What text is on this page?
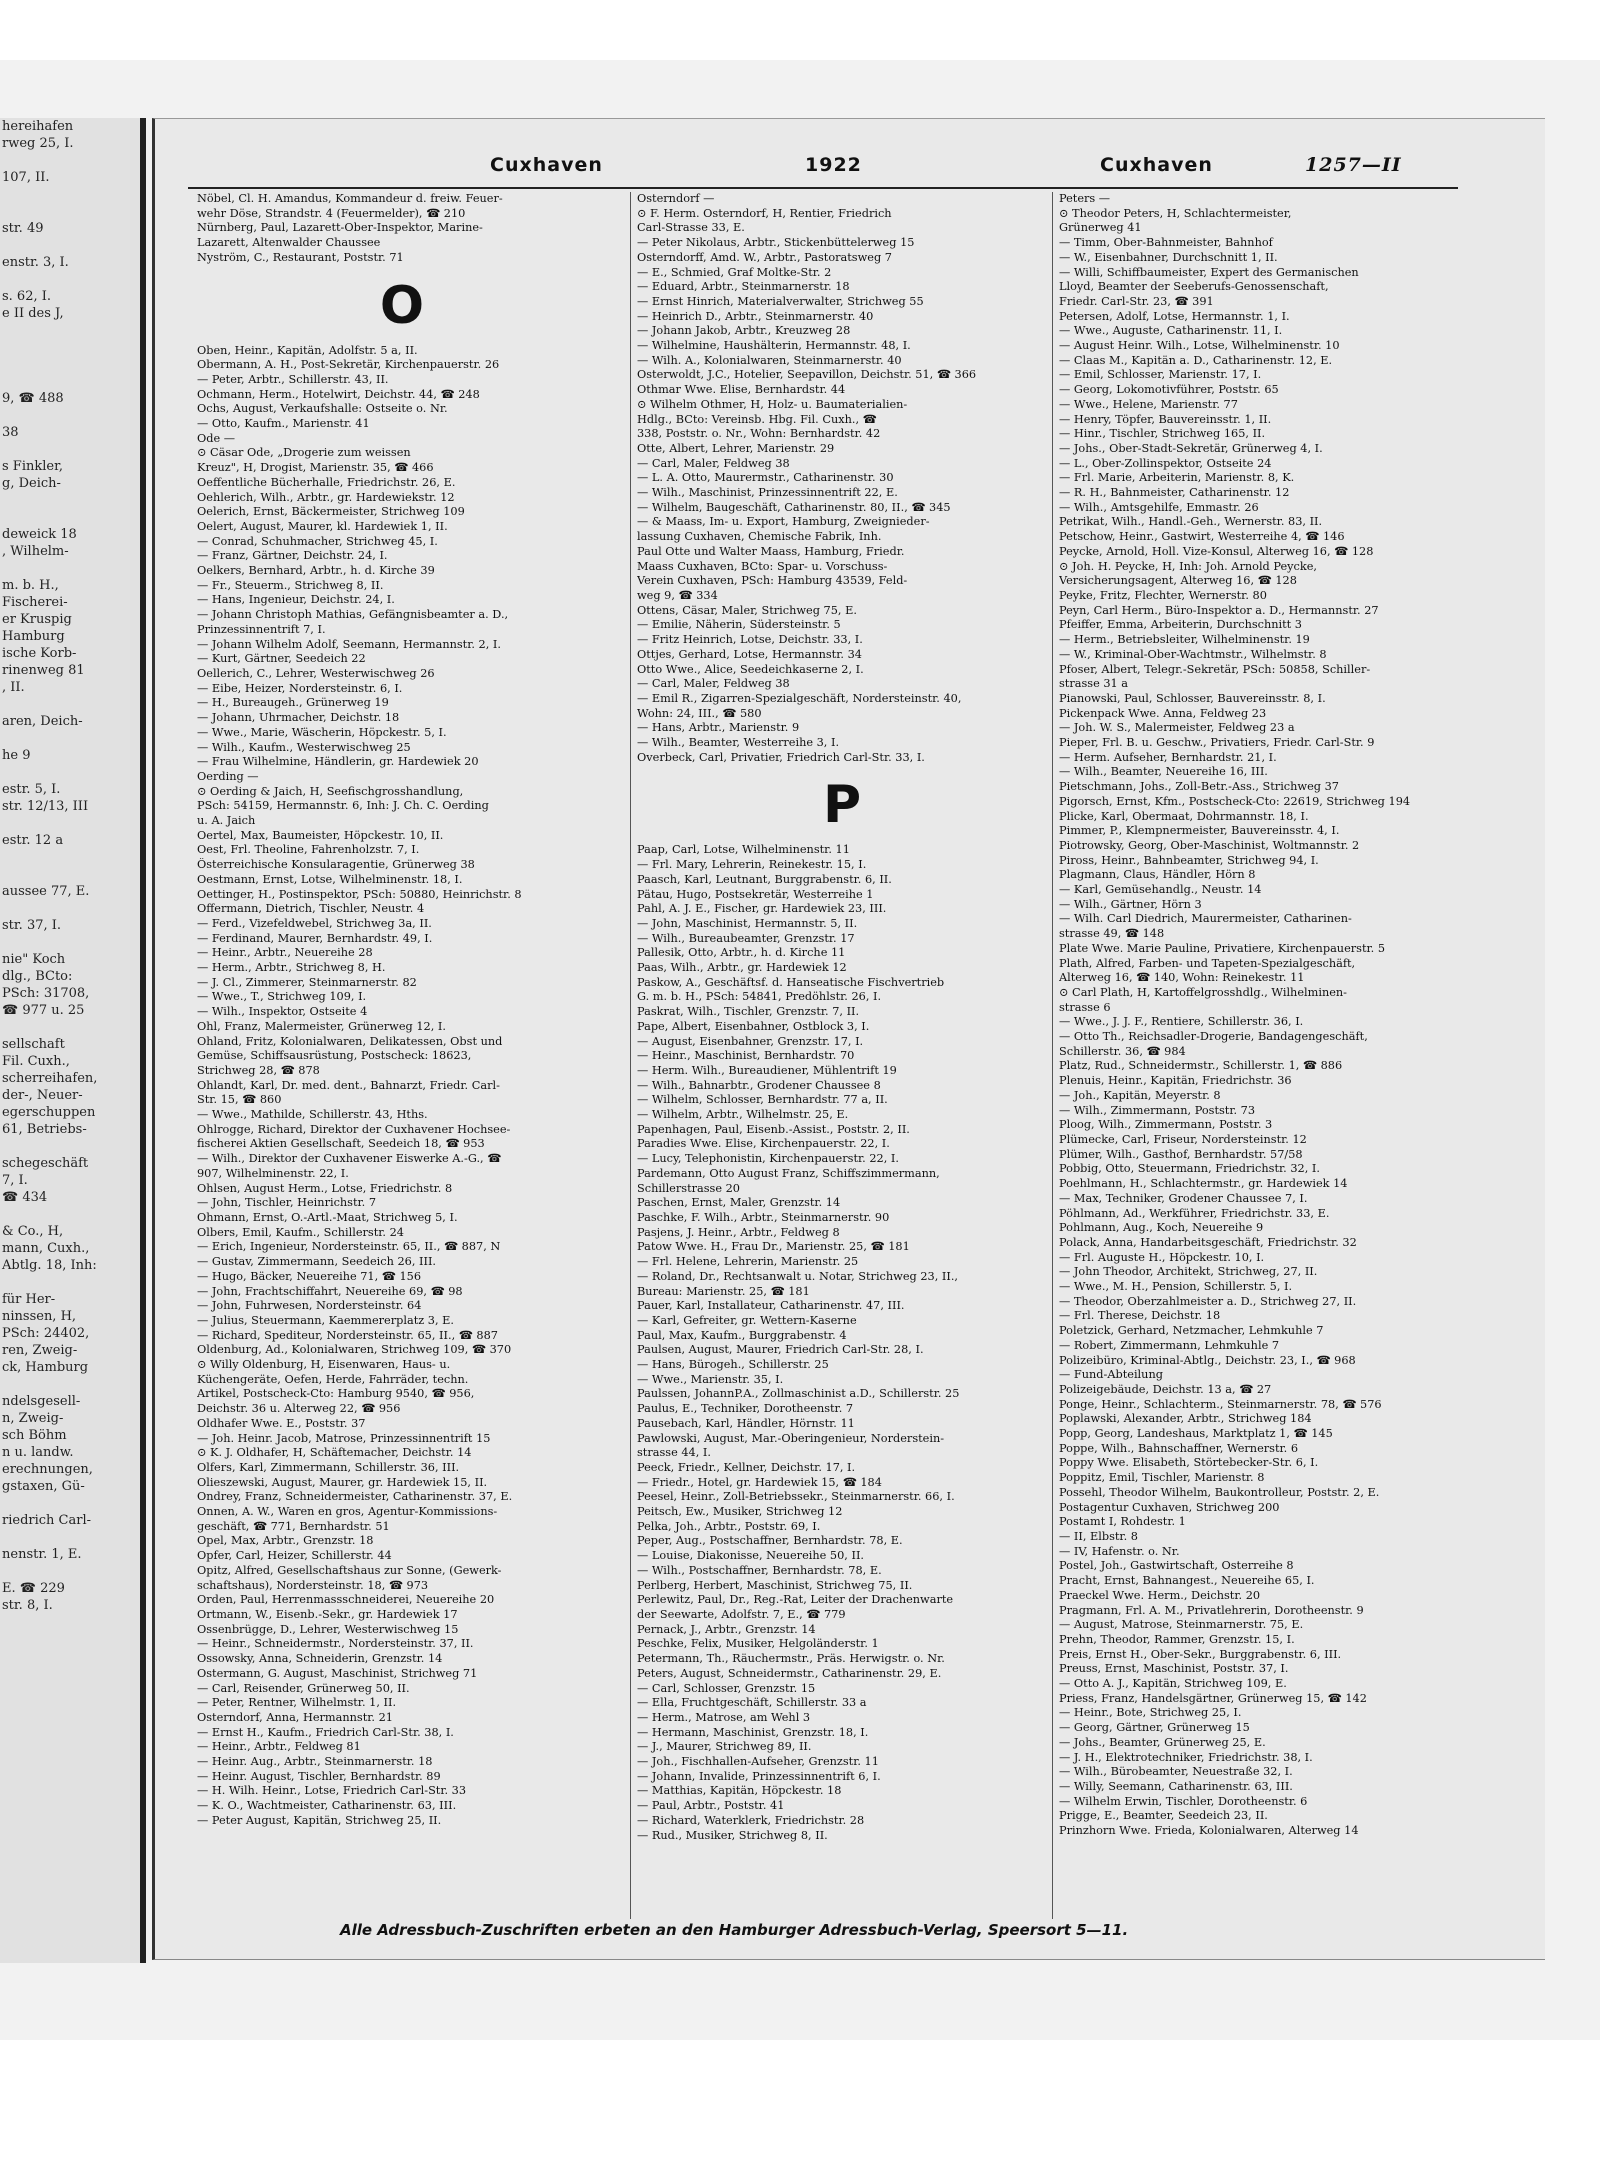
hereihafen
rweg 25, I.
107, II.
str. 49
enstr. 3, I.
s. 62, I.
e II des J,
9, ☎ 488
38
s Finkler,
g, Deich-
deweick 18
, Wilhelm-
m. b. H.,
Fischerei-
er Kruspig
Hamburg
ische Korb-
rinenweg 81
, II.
aren, Deich-
he 9
estr. 5, I.
str. 12/13, III
estr. 12 a
aussee 77, E.
str. 37, I.
nie" Koch
dlg., BCto:
PSch: 31708,
☎ 977 u. 25
sellschaft
Fil. Cuxh.,
scherreihafen,
der-, Neuer-
egerschuppen
61, Betriebs-
schegeschäft
7, I.
☎ 434
& Co., H,
mann, Cuxh.,
Abtlg. 18, Inh:
für Her-
ninssen, H,
PSch: 24402,
ren, Zweig-
ck, Hamburg
ndelsgesell-
n, Zweig-
sch Böhm
n u. landw.
erechnungen,
gstaxen, Gü-
riedrich Carl-
nenstr. 1, E.
E. ☎ 229
str. 8, I.
Cuxhaven	1922	Cuxhaven	1257—II
Nöbel, Cl. H. Amandus, Kommandeur d. freiw. Feuer-
wehr Döse, Strandstr. 4 (Feuermelder), ☎ 210
Nürnberg, Paul, Lazarett-Ober-Inspektor, Marine-
Lazarett, Altenwalder Chaussee
Nyström, C., Restaurant, Poststr. 71
O
Oben, Heinr., Kapitän, Adolfstr. 5 a, II.
Obermann, A. H., Post-Sekretär, Kirchenpauerstr. 26
— Peter, Arbtr., Schillerstr. 43, II.
Ochmann, Herm., Hotelwirt, Deichstr. 44, ☎ 248
Ochs, August, Verkaufshalle: Ostseite o. Nr.
— Otto, Kaufm., Marienstr. 41
Ode —
⊙ Cäsar Ode, „Drogerie zum weissen
Kreuz", H, Drogist, Marienstr. 35, ☎ 466
Oeffentliche Bücherhalle, Friedrichstr. 26, E.
Oehlerich, Wilh., Arbtr., gr. Hardewiekstr. 12
Oelerich, Ernst, Bäckermeister, Strichweg 109
Oelert, August, Maurer, kl. Hardewiek 1, II.
— Conrad, Schuhmacher, Strichweg 45, I.
— Franz, Gärtner, Deichstr. 24, I.
Oelkers, Bernhard, Arbtr., h. d. Kirche 39
— Fr., Steuerm., Strichweg 8, II.
— Hans, Ingenieur, Deichstr. 24, I.
— Johann Christoph Mathias, Gefängnisbeamter a. D.,
Prinzessinnentrift 7, I.
— Johann Wilhelm Adolf, Seemann, Hermannstr. 2, I.
— Kurt, Gärtner, Seedeich 22
Oellerich, C., Lehrer, Westerwischweg 26
— Eibe, Heizer, Nordersteinstr. 6, I.
— H., Bureaugeh., Grünerweg 19
— Johann, Uhrmacher, Deichstr. 18
— Wwe., Marie, Wäscherin, Höpckestr. 5, I.
— Wilh., Kaufm., Westerwischweg 25
— Frau Wilhelmine, Händlerin, gr. Hardewiek 20
Oerding —
⊙ Oerding & Jaich, H, Seefischgrosshandlung,
PSch: 54159, Hermannstr. 6, Inh: J. Ch. C. Oerding
u. A. Jaich
Oertel, Max, Baumeister, Höpckestr. 10, II.
Oest, Frl. Theoline, Fahrenholzstr. 7, I.
Österreichische Konsularagentie, Grünerweg 38
Oestmann, Ernst, Lotse, Wilhelminenstr. 18, I.
Oettinger, H., Postinspektor, PSch: 50880, Heinrichstr. 8
Offermann, Dietrich, Tischler, Neustr. 4
— Ferd., Vizefeldwebel, Strichweg 3a, II.
— Ferdinand, Maurer, Bernhardstr. 49, I.
— Heinr., Arbtr., Neuereihe 28
— Herm., Arbtr., Strichweg 8, H.
— J. Cl., Zimmerer, Steinmarnerstr. 82
— Wwe., T., Strichweg 109, I.
— Wilh., Inspektor, Ostseite 4
Ohl, Franz, Malermeister, Grünerweg 12, I.
Ohland, Fritz, Kolonialwaren, Delikatessen, Obst und
Gemüse, Schiffsausrüstung, Postscheck: 18623,
Strichweg 28, ☎ 878
Ohlandt, Karl, Dr. med. dent., Bahnarzt, Friedr. Carl-
Str. 15, ☎ 860
— Wwe., Mathilde, Schillerstr. 43, Hths.
Ohlrogge, Richard, Direktor der Cuxhavener Hochsee-
fischerei Aktien Gesellschaft, Seedeich 18, ☎ 953
— Wilh., Direktor der Cuxhavener Eiswerke A.-G., ☎
907, Wilhelminenstr. 22, I.
Ohlsen, August Herm., Lotse, Friedrichstr. 8
— John, Tischler, Heinrichstr. 7
Ohmann, Ernst, O.-Artl.-Maat, Strichweg 5, I.
Olbers, Emil, Kaufm., Schillerstr. 24
— Erich, Ingenieur, Nordersteinstr. 65, II., ☎ 887, N
— Gustav, Zimmermann, Seedeich 26, III.
— Hugo, Bäcker, Neuereihe 71, ☎ 156
— John, Frachtschiffahrt, Neuereihe 69, ☎ 98
— John, Fuhrwesen, Nordersteinstr. 64
— Julius, Steuermann, Kaemmererplatz 3, E.
— Richard, Spediteur, Nordersteinstr. 65, II., ☎ 887
Oldenburg, Ad., Kolonialwaren, Strichweg 109, ☎ 370
⊙ Willy Oldenburg, H, Eisenwaren, Haus- u.
Küchengeräte, Oefen, Herde, Fahrräder, techn.
Artikel, Postscheck-Cto: Hamburg 9540, ☎ 956,
Deichstr. 36 u. Alterweg 22, ☎ 956
Oldhafer Wwe. E., Poststr. 37
— Joh. Heinr. Jacob, Matrose, Prinzessinnentrift 15
⊙ K. J. Oldhafer, H, Schäftemacher, Deichstr. 14
Olfers, Karl, Zimmermann, Schillerstr. 36, III.
Olieszewski, August, Maurer, gr. Hardewiek 15, II.
Ondrey, Franz, Schneidermeister, Catharinenstr. 37, E.
Onnen, A. W., Waren en gros, Agentur-Kommissions-
geschäft, ☎ 771, Bernhardstr. 51
Opel, Max, Arbtr., Grenzstr. 18
Opfer, Carl, Heizer, Schillerstr. 44
Opitz, Alfred, Gesellschaftshaus zur Sonne, (Gewerk-
schaftshaus), Nordersteinstr. 18, ☎ 973
Orden, Paul, Herrenmassschneiderei, Neuereihe 20
Ortmann, W., Eisenb.-Sekr., gr. Hardewiek 17
Ossenbrügge, D., Lehrer, Westerwischweg 15
— Heinr., Schneidermstr., Nordersteinstr. 37, II.
Ossowsky, Anna, Schneiderin, Grenzstr. 14
Ostermann, G. August, Maschinist, Strichweg 71
— Carl, Reisender, Grünerweg 50, II.
— Peter, Rentner, Wilhelmstr. 1, II.
Osterndorf, Anna, Hermannstr. 21
— Ernst H., Kaufm., Friedrich Carl-Str. 38, I.
— Heinr., Arbtr., Feldweg 81
— Heinr. Aug., Arbtr., Steinmarnerstr. 18
— Heinr. August, Tischler, Bernhardstr. 89
— H. Wilh. Heinr., Lotse, Friedrich Carl-Str. 33
— K. O., Wachtmeister, Catharinenstr. 63, III.
— Peter August, Kapitän, Strichweg 25, II.
Osterndorf —
⊙ F. Herm. Osterndorf, H, Rentier, Friedrich
Carl-Strasse 33, E.
— Peter Nikolaus, Arbtr., Stickenbüttelerweg 15
Osterndorff, Amd. W., Arbtr., Pastoratsweg 7
— E., Schmied, Graf Moltke-Str. 2
— Eduard, Arbtr., Steinmarnerstr. 18
— Ernst Hinrich, Materialverwalter, Strichweg 55
— Heinrich D., Arbtr., Steinmarnerstr. 40
— Johann Jakob, Arbtr., Kreuzweg 28
— Wilhelmine, Haushälterin, Hermannstr. 48, I.
— Wilh. A., Kolonialwaren, Steinmarnerstr. 40
Osterwoldt, J.C., Hotelier, Seepavillon, Deichstr. 51, ☎ 366
Othmar Wwe. Elise, Bernhardstr. 44
⊙ Wilhelm Othmer, H, Holz- u. Baumaterialien-
Hdlg., BCto: Vereinsb. Hbg. Fil. Cuxh., ☎
338, Poststr. o. Nr., Wohn: Bernhardstr. 42
Otte, Albert, Lehrer, Marienstr. 29
— Carl, Maler, Feldweg 38
— L. A. Otto, Maurermstr., Catharinenstr. 30
— Wilh., Maschinist, Prinzessinnentrift 22, E.
— Wilhelm, Baugeschäft, Catharinenstr. 80, II., ☎ 345
— & Maass, Im- u. Export, Hamburg, Zweignieder-
lassung Cuxhaven, Chemische Fabrik, Inh.
Paul Otte und Walter Maass, Hamburg, Friedr.
Maass Cuxhaven, BCto: Spar- u. Vorschuss-
Verein Cuxhaven, PSch: Hamburg 43539, Feld-
weg 9, ☎ 334
Ottens, Cäsar, Maler, Strichweg 75, E.
— Emilie, Näherin, Südersteinstr. 5
— Fritz Heinrich, Lotse, Deichstr. 33, I.
Ottjes, Gerhard, Lotse, Hermannstr. 34
Otto Wwe., Alice, Seedeichkaserne 2, I.
— Carl, Maler, Feldweg 38
— Emil R., Zigarren-Spezialgeschäft, Nordersteinstr. 40,
Wohn: 24, III., ☎ 580
— Hans, Arbtr., Marienstr. 9
— Wilh., Beamter, Westerreihe 3, I.
Overbeck, Carl, Privatier, Friedrich Carl-Str. 33, I.
P
Paap, Carl, Lotse, Wilhelminenstr. 11
— Frl. Mary, Lehrerin, Reinekestr. 15, I.
Paasch, Karl, Leutnant, Burggrabenstr. 6, II.
Pätau, Hugo, Postsekretär, Westerreihe 1
Pahl, A. J. E., Fischer, gr. Hardewiek 23, III.
— John, Maschinist, Hermannstr. 5, II.
— Wilh., Bureaubeamter, Grenzstr. 17
Pallesik, Otto, Arbtr., h. d. Kirche 11
Paas, Wilh., Arbtr., gr. Hardewiek 12
Paskow, A., Geschäftsf. d. Hanseatische Fischvertrieb
G. m. b. H., PSch: 54841, Predöhlstr. 26, I.
Paskrat, Wilh., Tischler, Grenzstr. 7, II.
Pape, Albert, Eisenbahner, Ostblock 3, I.
— August, Eisenbahner, Grenzstr. 17, I.
— Heinr., Maschinist, Bernhardstr. 70
— Herm. Wilh., Bureaudiener, Mühlentrift 19
— Wilh., Bahnarbtr., Grodener Chaussee 8
— Wilhelm, Schlosser, Bernhardstr. 77 a, II.
— Wilhelm, Arbtr., Wilhelmstr. 25, E.
Papenhagen, Paul, Eisenb.-Assist., Poststr. 2, II.
Paradies Wwe. Elise, Kirchenpauerstr. 22, I.
— Lucy, Telephonistin, Kirchenpauerstr. 22, I.
Pardemann, Otto August Franz, Schiffszimmermann,
Schillerstrasse 20
Paschen, Ernst, Maler, Grenzstr. 14
Paschke, F. Wilh., Arbtr., Steinmarnerstr. 90
Pasjens, J. Heinr., Arbtr., Feldweg 8
Patow Wwe. H., Frau Dr., Marienstr. 25, ☎ 181
— Frl. Helene, Lehrerin, Marienstr. 25
— Roland, Dr., Rechtsanwalt u. Notar, Strichweg 23, II.,
Bureau: Marienstr. 25, ☎ 181
Pauer, Karl, Installateur, Catharinenstr. 47, III.
— Karl, Gefreiter, gr. Wettern-Kaserne
Paul, Max, Kaufm., Burggrabenstr. 4
Paulsen, August, Maurer, Friedrich Carl-Str. 28, I.
— Hans, Bürogeh., Schillerstr. 25
— Wwe., Marienstr. 35, I.
Paulssen, JohannP.A., Zollmaschinist a.D., Schillerstr. 25
Paulus, E., Techniker, Dorotheenstr. 7
Pausebach, Karl, Händler, Hörnstr. 11
Pawlowski, August, Mar.-Oberingenieur, Norderstein-
strasse 44, I.
Peeck, Friedr., Kellner, Deichstr. 17, I.
— Friedr., Hotel, gr. Hardewiek 15, ☎ 184
Peesel, Heinr., Zoll-Betriebssekr., Steinmarnerstr. 66, I.
Peitsch, Ew., Musiker, Strichweg 12
Pelka, Joh., Arbtr., Poststr. 69, I.
Peper, Aug., Postschaffner, Bernhardstr. 78, E.
— Louise, Diakonisse, Neuereihe 50, II.
— Wilh., Postschaffner, Bernhardstr. 78, E.
Perlberg, Herbert, Maschinist, Strichweg 75, II.
Perlewitz, Paul, Dr., Reg.-Rat, Leiter der Drachenwarte
der Seewarte, Adolfstr. 7, E., ☎ 779
Pernack, J., Arbtr., Grenzstr. 14
Peschke, Felix, Musiker, Helgoländerstr. 1
Petermann, Th., Räuchermstr., Präs. Herwigstr. o. Nr.
Peters, August, Schneidermstr., Catharinenstr. 29, E.
— Carl, Schlosser, Grenzstr. 15
— Ella, Fruchtgeschäft, Schillerstr. 33 a
— Herm., Matrose, am Wehl 3
— Hermann, Maschinist, Grenzstr. 18, I.
— J., Maurer, Strichweg 89, II.
— Joh., Fischhallen-Aufseher, Grenzstr. 11
— Johann, Invalide, Prinzessinnentrift 6, I.
— Matthias, Kapitän, Höpckestr. 18
— Paul, Arbtr., Poststr. 41
— Richard, Waterklerk, Friedrichstr. 28
— Rud., Musiker, Strichweg 8, II.
Peters —
⊙ Theodor Peters, H, Schlachtermeister,
Grünerweg 41
— Timm, Ober-Bahnmeister, Bahnhof
— W., Eisenbahner, Durchschnitt 1, II.
— Willi, Schiffbaumeister, Expert des Germanischen
Lloyd, Beamter der Seeberufs-Genossenschaft,
Friedr. Carl-Str. 23, ☎ 391
Petersen, Adolf, Lotse, Hermannstr. 1, I.
— Wwe., Auguste, Catharinenstr. 11, I.
— August Heinr. Wilh., Lotse, Wilhelminenstr. 10
— Claas M., Kapitän a. D., Catharinenstr. 12, E.
— Emil, Schlosser, Marienstr. 17, I.
— Georg, Lokomotivführer, Poststr. 65
— Wwe., Helene, Marienstr. 77
— Henry, Töpfer, Bauvereinsstr. 1, II.
— Hinr., Tischler, Strichweg 165, II.
— Johs., Ober-Stadt-Sekretär, Grünerweg 4, I.
— L., Ober-Zollinspektor, Ostseite 24
— Frl. Marie, Arbeiterin, Marienstr. 8, K.
— R. H., Bahnmeister, Catharinenstr. 12
— Wilh., Amtsgehilfe, Emmastr. 26
Petrikat, Wilh., Handl.-Geh., Wernerstr. 83, II.
Petschow, Heinr., Gastwirt, Westerreihe 4, ☎ 146
Peycke, Arnold, Holl. Vize-Konsul, Alterweg 16, ☎ 128
⊙ Joh. H. Peycke, H, Inh: Joh. Arnold Peycke,
Versicherungsagent, Alterweg 16, ☎ 128
Peyke, Fritz, Flechter, Wernerstr. 80
Peyn, Carl Herm., Büro-Inspektor a. D., Hermannstr. 27
Pfeiffer, Emma, Arbeiterin, Durchschnitt 3
— Herm., Betriebsleiter, Wilhelminenstr. 19
— W., Kriminal-Ober-Wachtmstr., Wilhelmstr. 8
Pfoser, Albert, Telegr.-Sekretär, PSch: 50858, Schiller-
strasse 31 a
Pianowski, Paul, Schlosser, Bauvereinsstr. 8, I.
Pickenpack Wwe. Anna, Feldweg 23
— Joh. W. S., Malermeister, Feldweg 23 a
Pieper, Frl. B. u. Geschw., Privatiers, Friedr. Carl-Str. 9
— Herm. Aufseher, Bernhardstr. 21, I.
— Wilh., Beamter, Neuereihe 16, III.
Pietschmann, Johs., Zoll-Betr.-Ass., Strichweg 37
Pigorsch, Ernst, Kfm., Postscheck-Cto: 22619, Strichweg 194
Plicke, Karl, Obermaat, Dohrmannstr. 18, I.
Pimmer, P., Klempnermeister, Bauvereinsstr. 4, I.
Piotrowsky, Georg, Ober-Maschinist, Woltmannstr. 2
Piross, Heinr., Bahnbeamter, Strichweg 94, I.
Plagmann, Claus, Händler, Hörn 8
— Karl, Gemüsehandlg., Neustr. 14
— Wilh., Gärtner, Hörn 3
— Wilh. Carl Diedrich, Maurermeister, Catharinen-
strasse 49, ☎ 148
Plate Wwe. Marie Pauline, Privatiere, Kirchenpauerstr. 5
Plath, Alfred, Farben- und Tapeten-Spezialgeschäft,
Alterweg 16, ☎ 140, Wohn: Reinekestr. 11
⊙ Carl Plath, H, Kartoffelgrosshdlg., Wilhelminen-
strasse 6
— Wwe., J. J. F., Rentiere, Schillerstr. 36, I.
— Otto Th., Reichsadler-Drogerie, Bandagengeschäft,
Schillerstr. 36, ☎ 984
Platz, Rud., Schneidermstr., Schillerstr. 1, ☎ 886
Plenuis, Heinr., Kapitän, Friedrichstr. 36
— Joh., Kapitän, Meyerstr. 8
— Wilh., Zimmermann, Poststr. 73
Ploog, Wilh., Zimmermann, Poststr. 3
Plümecke, Carl, Friseur, Nordersteinstr. 12
Plümer, Wilh., Gasthof, Bernhardstr. 57/58
Pobbig, Otto, Steuermann, Friedrichstr. 32, I.
Poehlmann, H., Schlachtermstr., gr. Hardewiek 14
— Max, Techniker, Grodener Chaussee 7, I.
Pöhlmann, Ad., Werkführer, Friedrichstr. 33, E.
Pohlmann, Aug., Koch, Neuereihe 9
Polack, Anna, Handarbeitsgeschäft, Friedrichstr. 32
— Frl. Auguste H., Höpckestr. 10, I.
— John Theodor, Architekt, Strichweg, 27, II.
— Wwe., M. H., Pension, Schillerstr. 5, I.
— Theodor, Oberzahlmeister a. D., Strichweg 27, II.
— Frl. Therese, Deichstr. 18
Poletzick, Gerhard, Netzmacher, Lehmkuhle 7
— Robert, Zimmermann, Lehmkuhle 7
Polizeibüro, Kriminal-Abtlg., Deichstr. 23, I., ☎ 968
— Fund-Abteilung
Polizeigebäude, Deichstr. 13 a, ☎ 27
Ponge, Heinr., Schlachterm., Steinmarnerstr. 78, ☎ 576
Poplawski, Alexander, Arbtr., Strichweg 184
Popp, Georg, Landeshaus, Marktplatz 1, ☎ 145
Poppe, Wilh., Bahnschaffner, Wernerstr. 6
Poppy Wwe. Elisabeth, Störtebecker-Str. 6, I.
Poppitz, Emil, Tischler, Marienstr. 8
Possehl, Theodor Wilhelm, Baukontrolleur, Poststr. 2, E.
Postagentur Cuxhaven, Strichweg 200
Postamt I, Rohdestr. 1
— II, Elbstr. 8
— IV, Hafenstr. o. Nr.
Postel, Joh., Gastwirtschaft, Osterreihe 8
Pracht, Ernst, Bahnangest., Neuereihe 65, I.
Praeckel Wwe. Herm., Deichstr. 20
Pragmann, Frl. A. M., Privatlehrerin, Dorotheenstr. 9
— August, Matrose, Steinmarnerstr. 75, E.
Prehn, Theodor, Rammer, Grenzstr. 15, I.
Preis, Ernst H., Ober-Sekr., Burggrabenstr. 6, III.
Preuss, Ernst, Maschinist, Poststr. 37, I.
— Otto A. J., Kapitän, Strichweg 109, E.
Priess, Franz, Handelsgärtner, Grünerweg 15, ☎ 142
— Heinr., Bote, Strichweg 25, I.
— Georg, Gärtner, Grünerweg 15
— Johs., Beamter, Grünerweg 25, E.
— J. H., Elektrotechniker, Friedrichstr. 38, I.
— Wilh., Bürobeamter, Neuestraße 32, I.
— Willy, Seemann, Catharinenstr. 63, III.
— Wilhelm Erwin, Tischler, Dorotheenstr. 6
Prigge, E., Beamter, Seedeich 23, II.
Prinzhorn Wwe. Frieda, Kolonialwaren, Alterweg 14
Alle Adressbuch-Zuschriften erbeten an den Hamburger Adressbuch-Verlag, Speersort 5—11.
